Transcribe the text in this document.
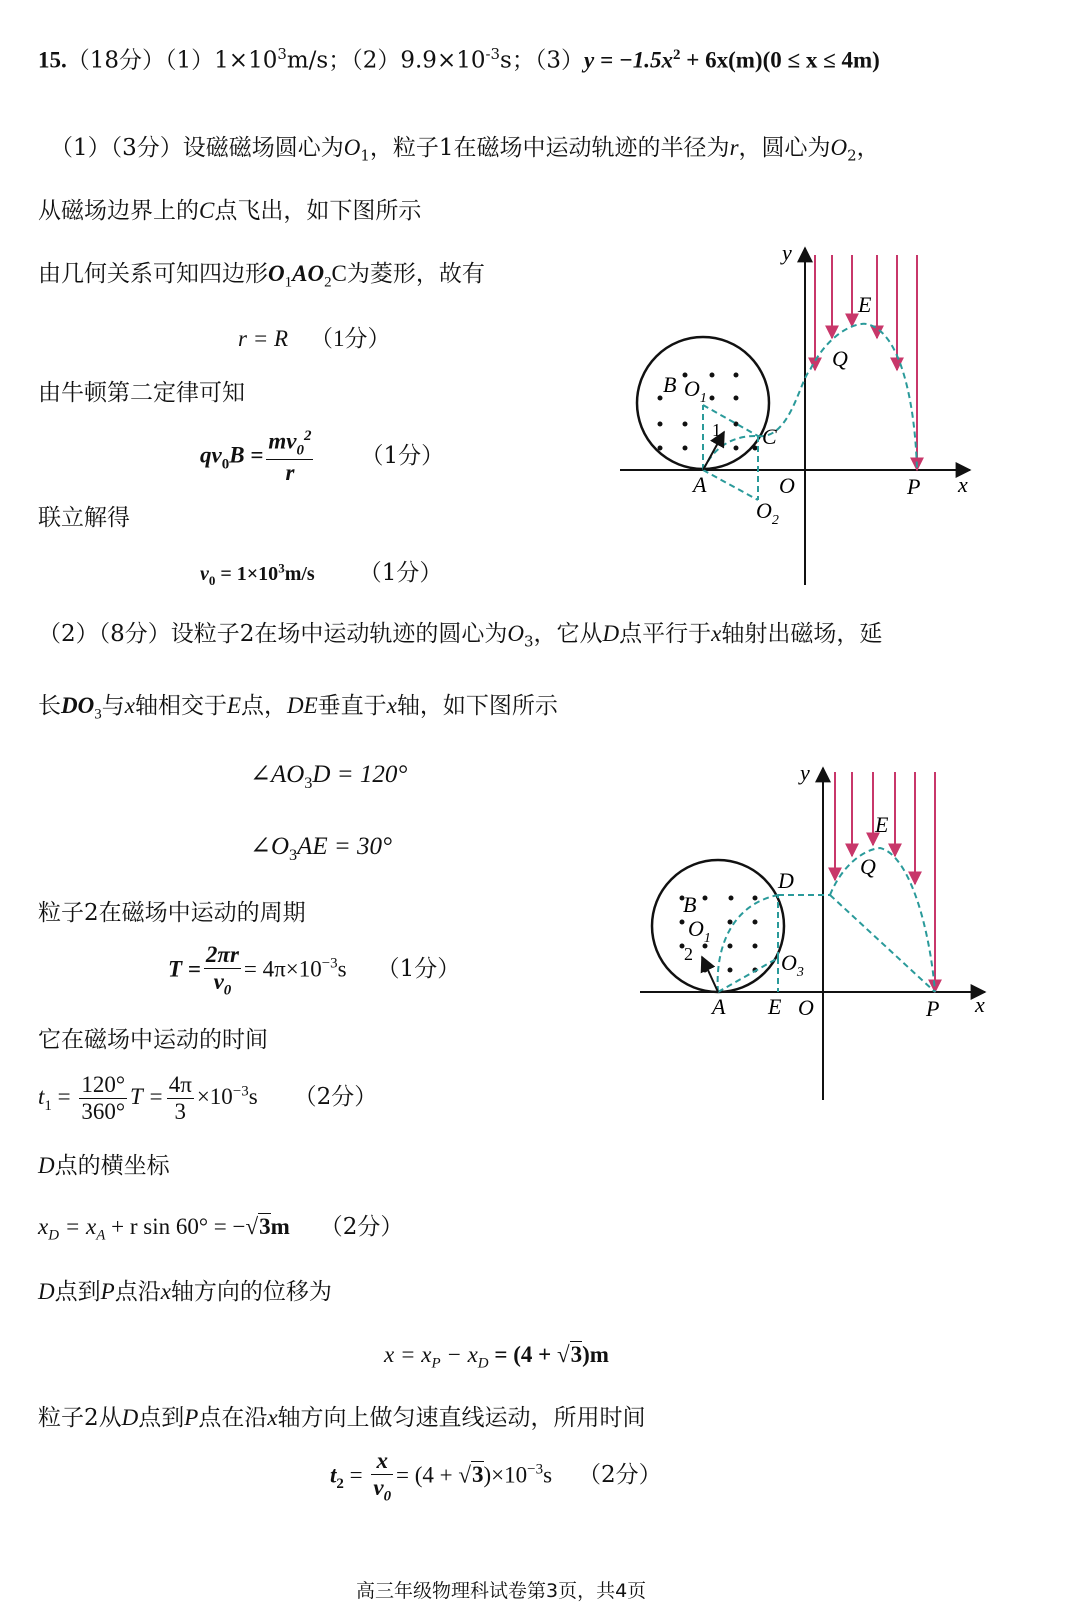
15.（18分）$(1)1\times 10^3m/s$；$(2)9.9\times 10^{-3}s$；$(3)y = -1.5x^2 + 6x(m)(0 \le x \le 4m)$
（1）（3分）设磁磁场圆心为$O_1$，粒子1在磁场中运动轨迹的半径为r，圆心为$O_2$，
从磁场边界上的C点飞出，如下图所示
由几何关系可知四边形$O_1AO_2C$为菱形，故有
r = R （1分）
由牛顿第二定律可知
$qv_0B = \frac{mv_0^2}{r} (1$分）
联立解得
$v_0 = 1\times 10^3m/s$ （1分）
（2）（8分）设粒子2在场中运动轨迹的圆心为$O_3$，它从D点平行于x轴射出磁场，延
长$DO_3$与x轴相交于E点，DE垂直于x轴，如下图所示
$\angle AO_3D = 120^\circ$
$\angle O_3AE = 30^\circ$
粒子2在磁场中运动的周期
$T = \frac{2\pi r}{v_0} = 4\pi\times 10^{-3}s$ （1分）
它在磁场中运动的时间
$t_1 = \frac{120^\circ}{360^\circ}$ $T = \frac{4\pi}{3} \times 10^{-3}s$ （2分）
D点的横坐标
$x_D = x_A + r$ sin 60° = −√3m （2分）
D点到P点沿x轴方向的位移为
$x = x_P - x_D = (4 + √3)m$
粒子2从D点到P点在沿x轴方向上做匀速直线运动，所用时间
$t_2 = \frac{x}{v_0} = (4 + √3)\times 10^{-3}s$ （2分）
高三年级物理科试卷第3页，共4页
y
x
E
Q
B $O_1$
1 C
A	O	P
$O_2$
y
x
E
Q
D
B
$O_1$
2	$O_3$
A E O	P
